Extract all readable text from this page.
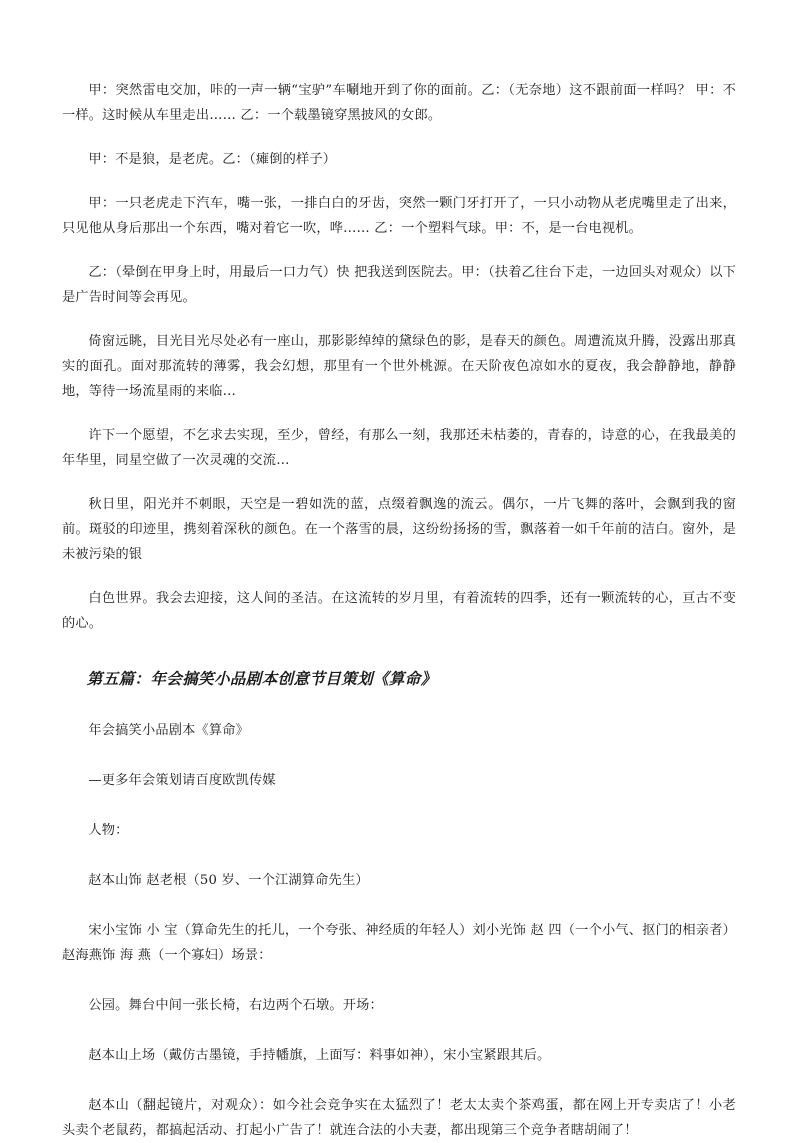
甲：突然雷电交加，咔的一声一辆“宝驴”车唰地开到了你的面前。乙：（无奈地）这不跟前面一样吗？ 甲：不一样。这时候从车里走出…… 乙：一个载墨镜穿黑披风的女郎。

甲：不是狼，是老虎。乙：（瘫倒的样子）

甲：一只老虎走下汽车，嘴一张，一排白白的牙齿，突然一颗门牙打开了，一只小动物从老虎嘴里走了出来，只见他从身后那出一个东西，嘴对着它一吹，哗…… 乙：一个塑料气球。甲：不，是一台电视机。

乙：（晕倒在甲身上时，用最后一口力气）快 把我送到医院去。甲：（扶着乙往台下走，一边回头对观众）以下是广告时间等会再见。

倚窗远眺，目光目光尽处必有一座山，那影影绰绰的黛绿色的影，是春天的颜色。周遭流岚升腾，没露出那真实的面孔。面对那流转的薄雾，我会幻想，那里有一个世外桃源。在天阶夜色凉如水的夏夜，我会静静地，静静地，等待一场流星雨的来临…

许下一个愿望，不乞求去实现，至少，曾经，有那么一刻，我那还未枯萎的，青春的，诗意的心，在我最美的年华里，同星空做了一次灵魂的交流…

秋日里，阳光并不刺眼，天空是一碧如洗的蓝，点缀着飘逸的流云。偶尔，一片飞舞的落叶，会飘到我的窗前。斑驳的印迹里，携刻着深秋的颜色。在一个落雪的晨，这纷纷扬扬的雪，飘落着一如千年前的洁白。窗外，是未被污染的银

白色世界。我会去迎接，这人间的圣洁。在这流转的岁月里，有着流转的四季，还有一颗流转的心，亘古不变的心。

第五篇：年会搞笑小品剧本创意节目策划《算命》

年会搞笑小品剧本《算命》

—更多年会策划请百度欧凯传媒

人物：

赵本山饰 赵老根（50 岁、一个江湖算命先生）

宋小宝饰 小 宝（算命先生的托儿，一个夸张、神经质的年轻人）刘小光饰 赵 四（一个小气、抠门的相亲者）赵海燕饰 海 燕（一个寡妇）场景：

公园。舞台中间一张长椅，右边两个石墩。开场：

赵本山上场（戴仿古墨镜，手持幡旗，上面写：料事如神），宋小宝紧跟其后。

赵本山（翻起镜片，对观众）：如今社会竞争实在太猛烈了！老太太卖个茶鸡蛋，都在网上开专卖店了！小老头卖个老鼠药，都搞起活动、打起小广告了！就连合法的小夫妻，都出现第三个竞争者瞎胡闹了！
